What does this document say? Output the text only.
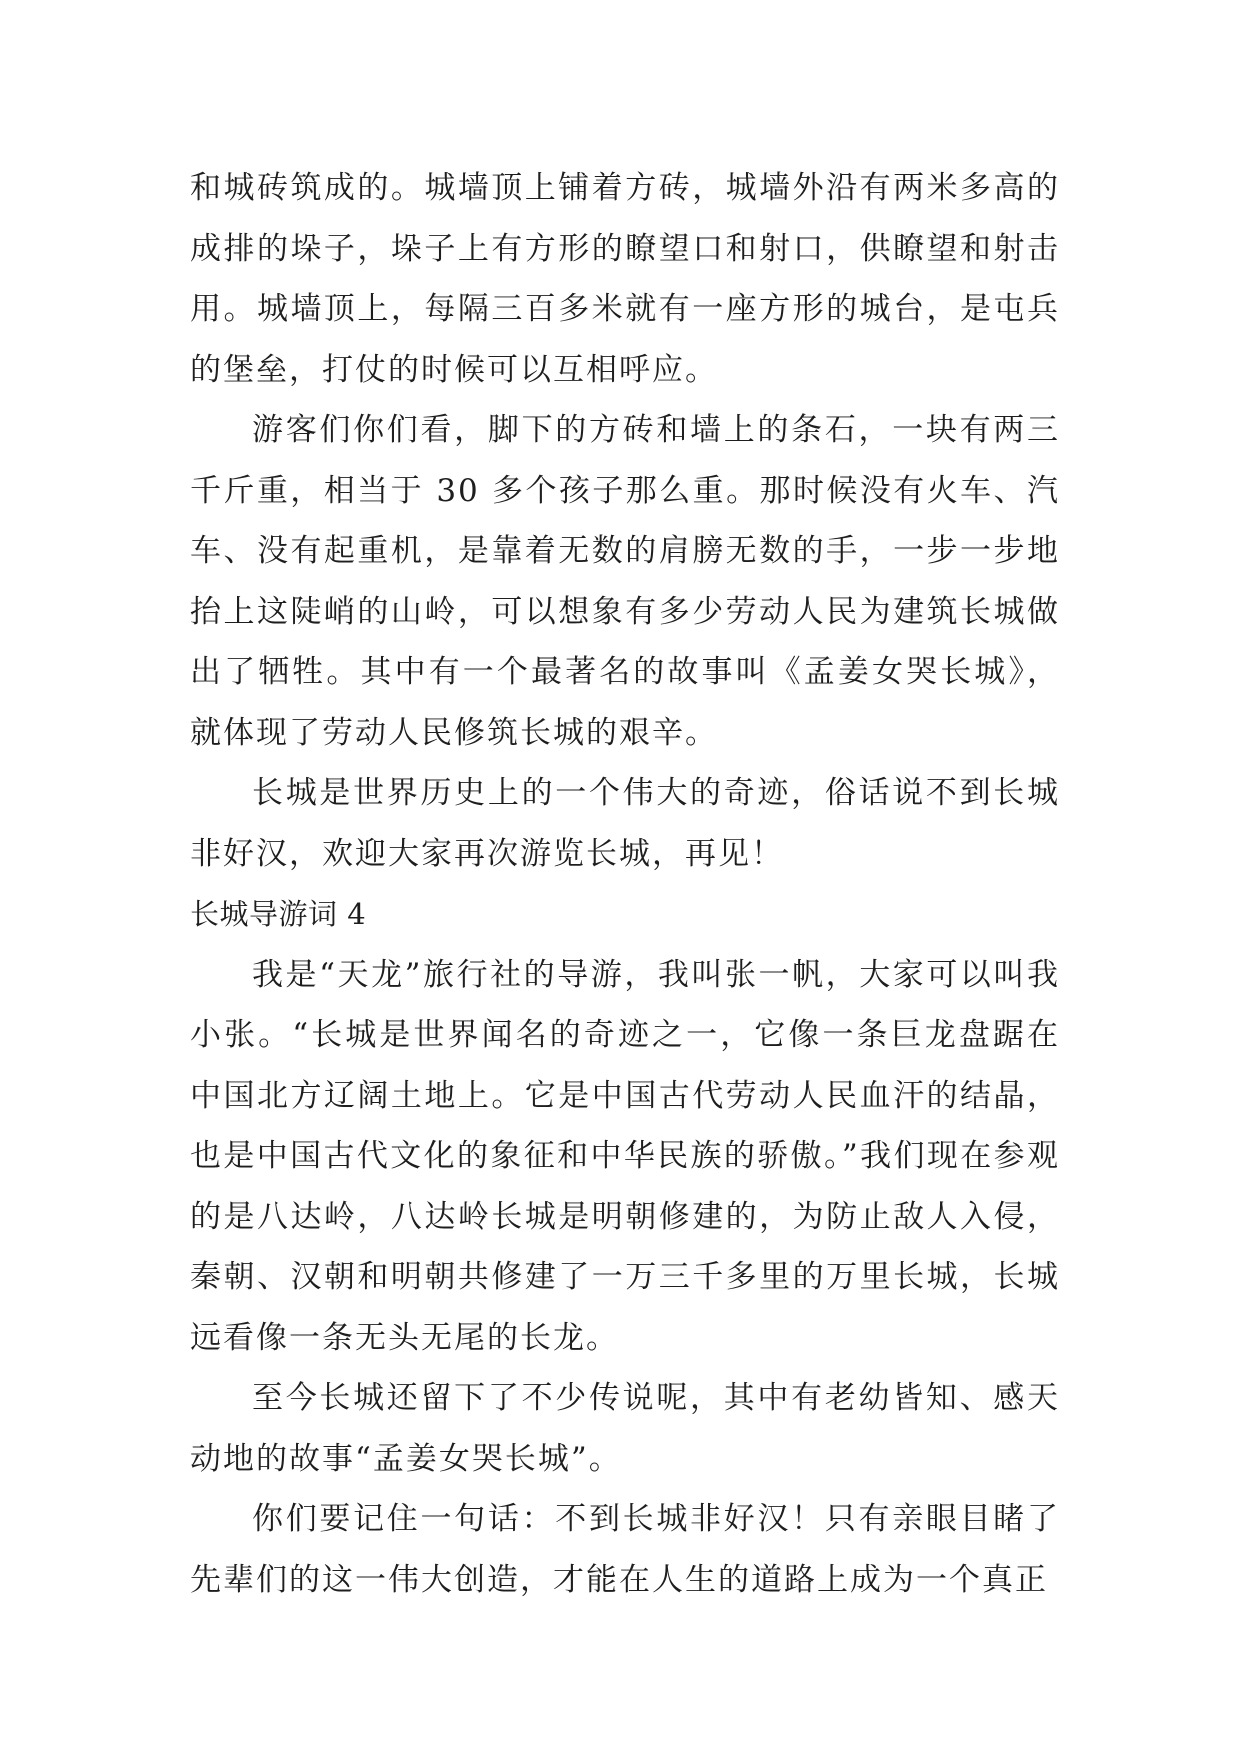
和城砖筑成的。城墙顶上铺着方砖，城墙外沿有两米多高的成排的垛子，垛子上有方形的瞭望口和射口，供瞭望和射击用。城墙顶上，每隔三百多米就有一座方形的城台，是屯兵的堡垒，打仗的时候可以互相呼应。

游客们你们看，脚下的方砖和墙上的条石，一块有两三千斤重，相当于 30 多个孩子那么重。那时候没有火车、汽车、没有起重机，是靠着无数的肩膀无数的手，一步一步地抬上这陡峭的山岭，可以想象有多少劳动人民为建筑长城做出了牺牲。其中有一个最著名的故事叫《孟姜女哭长城》，就体现了劳动人民修筑长城的艰辛。

长城是世界历史上的一个伟大的奇迹，俗话说不到长城非好汉，欢迎大家再次游览长城，再见！

长城导游词 4

我是“天龙”旅行社的导游，我叫张一帆，大家可以叫我小张。“长城是世界闻名的奇迹之一，它像一条巨龙盘踞在中国北方辽阔土地上。它是中国古代劳动人民血汗的结晶，也是中国古代文化的象征和中华民族的骄傲。”我们现在参观的是八达岭，八达岭长城是明朝修建的，为防止敌人入侵，秦朝、汉朝和明朝共修建了一万三千多里的万里长城，长城远看像一条无头无尾的长龙。

至今长城还留下了不少传说呢，其中有老幼皆知、感天动地的故事“孟姜女哭长城”。

你们要记住一句话：不到长城非好汉！只有亲眼目睹了先辈们的这一伟大创造，才能在人生的道路上成为一个真正
